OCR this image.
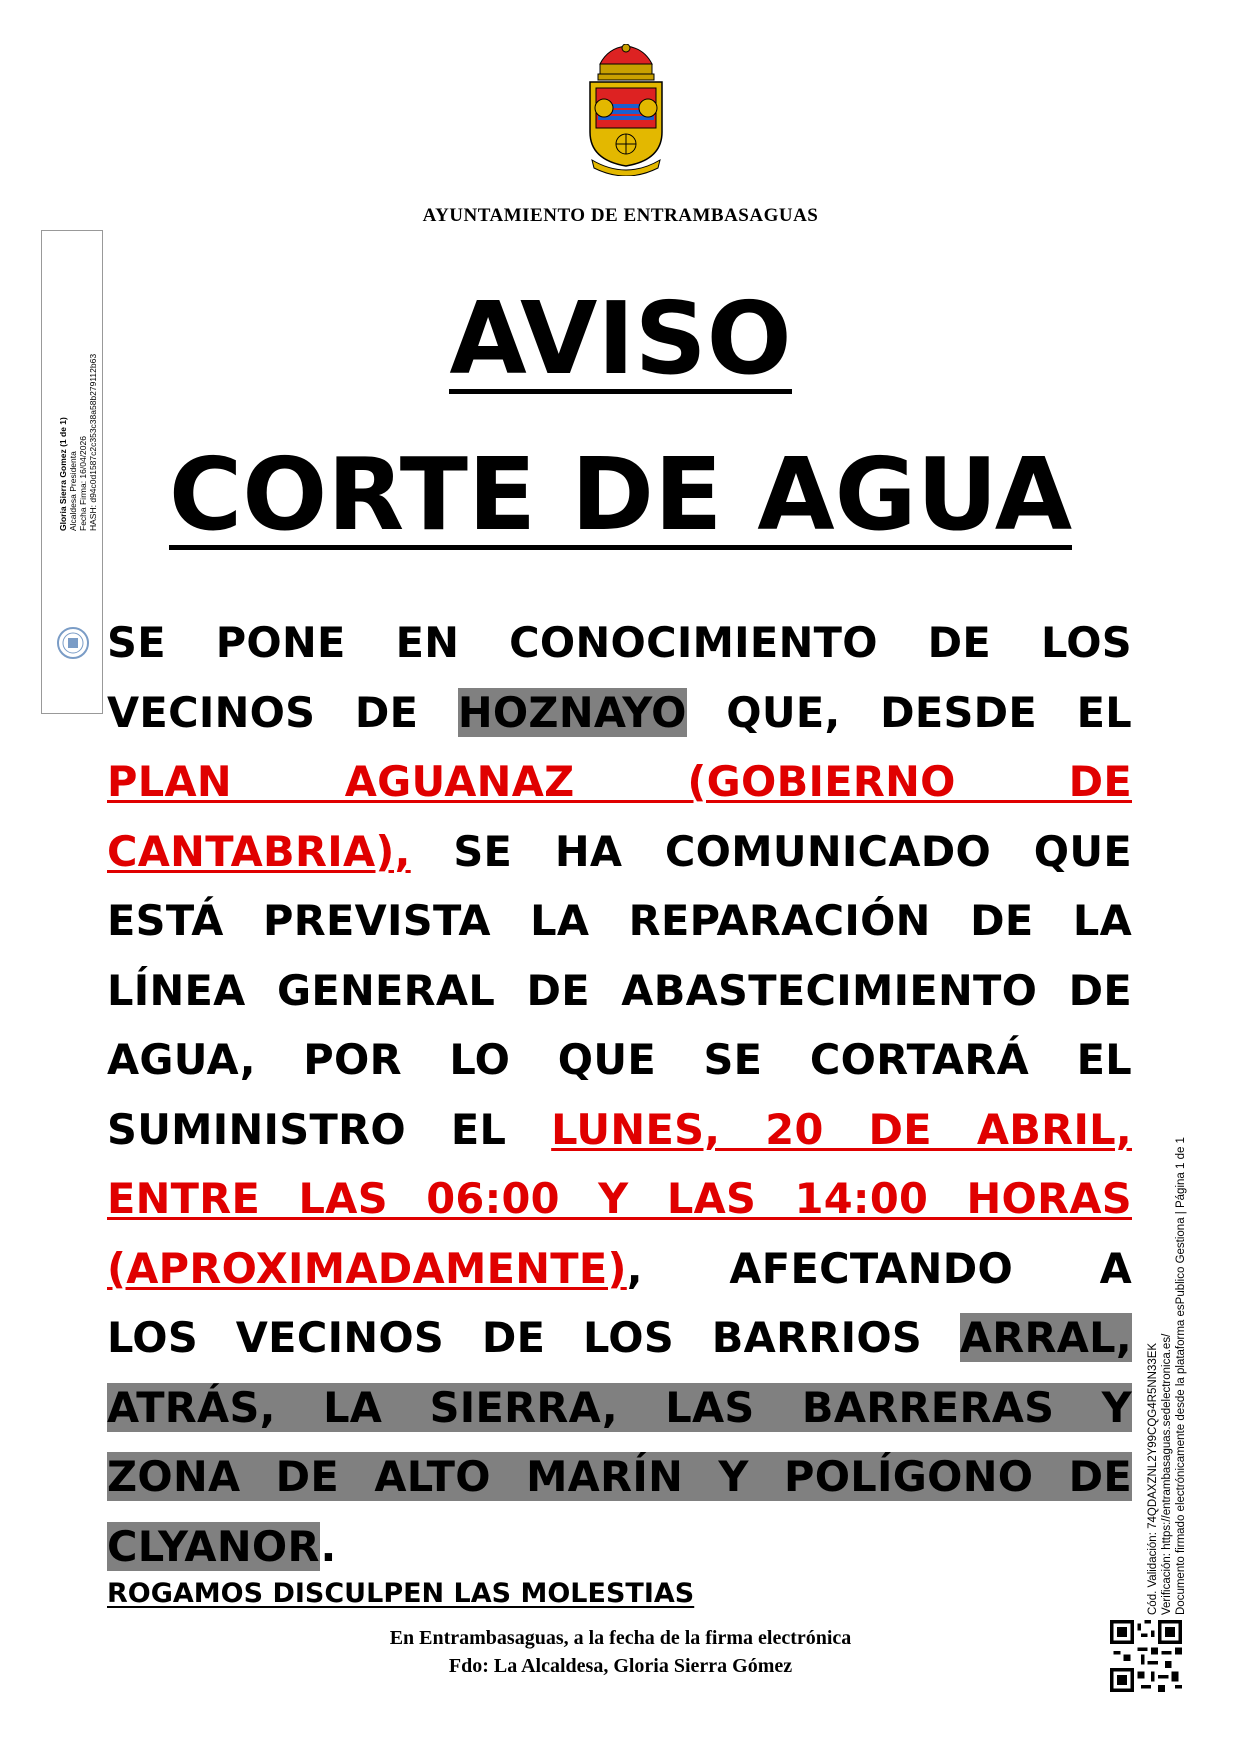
AYUNTAMIENTO DE ENTRAMBASAGUAS
AVISO
CORTE DE AGUA
Gloria Sierra Gomez (1 de 1) Alcaldesa Presidenta Fecha Firma: 16/04/2026 HASH: d94c0d1587c2c353c38a58b279112b63
SE PONE EN CONOCIMIENTO DE LOS
VECINOS DE HOZNAYO QUE, DESDE EL
PLAN AGUANAZ (GOBIERNO DE
CANTABRIA), SE HA COMUNICADO QUE
ESTÁ PREVISTA LA REPARACIÓN DE LA
LÍNEA GENERAL DE ABASTECIMIENTO DE
AGUA, POR LO QUE SE CORTARÁ EL
SUMINISTRO EL LUNES, 20 DE ABRIL,
ENTRE LAS 06:00 Y LAS 14:00 HORAS
(APROXIMADAMENTE), AFECTANDO A
LOS VECINOS DE LOS BARRIOS ARRAL,
ATRÁS, LA SIERRA, LAS BARRERAS Y
ZONA DE ALTO MARÍN Y POLÍGONO DE
CLYANOR.
ROGAMOS DISCULPEN LAS MOLESTIAS
En Entrambasaguas, a la fecha de la firma electrónica
Fdo: La Alcaldesa, Gloria Sierra Gómez
Cód. Validación: 74QDAXZNL2Y99CQG4R5NN33EK Verificación: https://entrambasaguas.sedelectronica.es/ Documento firmado electrónicamente desde la plataforma esPublico Gestiona | Página 1 de 1
